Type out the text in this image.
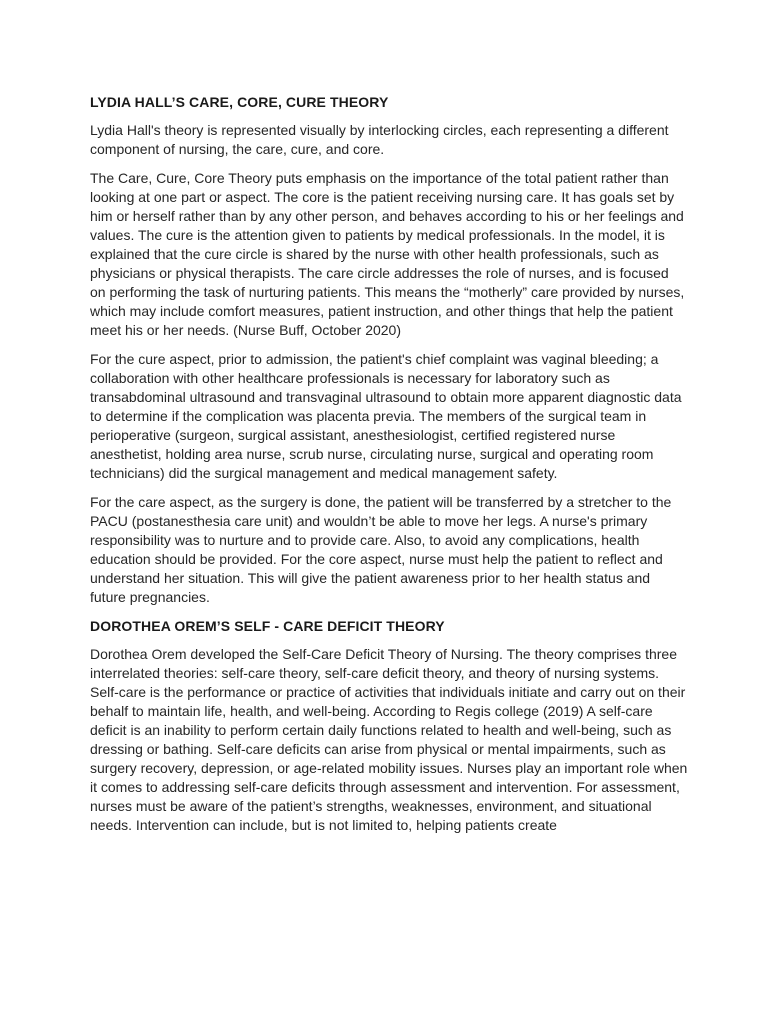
LYDIA HALL’S CARE, CORE, CURE THEORY

Lydia Hall's theory is represented visually by interlocking circles, each representing a different component of nursing, the care, cure, and core.

The Care, Cure, Core Theory puts emphasis on the importance of the total patient rather than looking at one part or aspect. The core is the patient receiving nursing care. It has goals set by him or herself rather than by any other person, and behaves according to his or her feelings and values. The cure is the attention given to patients by medical professionals. In the model, it is explained that the cure circle is shared by the nurse with other health professionals, such as physicians or physical therapists. The care circle addresses the role of nurses, and is focused on performing the task of nurturing patients. This means the “motherly” care provided by nurses, which may include comfort measures, patient instruction, and other things that help the patient meet his or her needs. (Nurse Buff, October 2020)

For the cure aspect, prior to admission, the patient's chief complaint was vaginal bleeding; a collaboration with other healthcare professionals is necessary for laboratory such as transabdominal ultrasound and transvaginal ultrasound to obtain more apparent diagnostic data to determine if the complication was placenta previa. The members of the surgical team in perioperative (surgeon, surgical assistant, anesthesiologist, certified registered nurse anesthetist, holding area nurse, scrub nurse, circulating nurse, surgical and operating room technicians) did the surgical management and medical management safety.

For the care aspect, as the surgery is done, the patient will be transferred by a stretcher to the PACU (postanesthesia care unit) and wouldn’t be able to move her legs. A nurse's primary responsibility was to nurture and to provide care. Also, to avoid any complications, health education should be provided. For the core aspect, nurse must help the patient to reflect and understand her situation. This will give the patient awareness prior to her health status and future pregnancies.

DOROTHEA OREM’S SELF - CARE DEFICIT THEORY

Dorothea Orem developed the Self-Care Deficit Theory of Nursing. The theory comprises three interrelated theories: self-care theory, self-care deficit theory, and theory of nursing systems. Self-care is the performance or practice of activities that individuals initiate and carry out on their behalf to maintain life, health, and well-being. According to Regis college (2019) A self-care deficit is an inability to perform certain daily functions related to health and well-being, such as dressing or bathing. Self-care deficits can arise from physical or mental impairments, such as surgery recovery, depression, or age-related mobility issues. Nurses play an important role when it comes to addressing self-care deficits through assessment and intervention. For assessment, nurses must be aware of the patient’s strengths, weaknesses, environment, and situational needs. Intervention can include, but is not limited to, helping patients create
